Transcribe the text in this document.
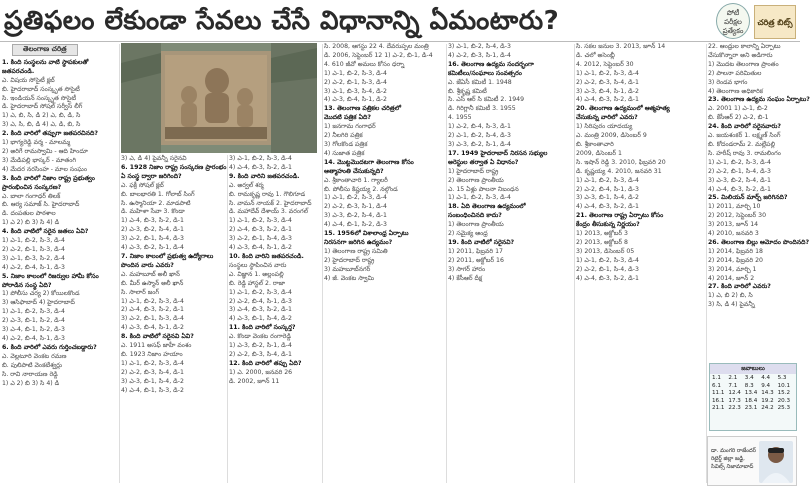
ప్రతిఫలం లేకుండా సేవలు చేసే విధానాన్ని ఏమంటారు?	పోటీ
పరీక్షల
ప్రత్యేకం
చరిత్ర బిట్స్
తెలంగాణ చరిత్ర

1. కింది సంస్థలను వాటి స్థాపకులతో

జతపరచండి.

ఎ. విషయ సోసైటీ క్లబ్

బి. హైదరాబాద్ సంస్కృత సొసైటీ

సి. ఇండియన్ సంస్కృత సొసైటీ

డి. హైదరాబాద్ సోషల్ సర్వీస్ లీగ్

1) ఎ, బి, సి, డి 2) ఎ, బి, డి, సి

3) ఎ, సి, బి, డి 4) ఎ, డి, బి, సి

2. కింది వారిలో తప్పుగా జతపరచినది?

1) భాగ్యరెడ్డి వర్మ - మాలమ్మ

2) అరిగే రామస్వామి - ఆది హిందూ

3) మేడిపల్లి భాస్కర్ - మాతంగి

4) మేదర నరసింహ - మాల సంఘం

3. కింది వారిలో నిజాం రాష్ట్ర ప్రభుత్వం

ప్రారంభించిన సంస్కరణ?

ఎ. బాలా గంగాధర్ తిలక్

బి. ఆర్య సమాజ్ సి. హైదరాబాద్

డి. దంపతుల పాఠశాల

1) ఎ 2) బి 3) సి 4) డి

4. కింది వాటిలో సరైన జతలు ఏవి?

1) ఎ-1, బి-2, సి-3, డి-4

2) ఎ-2, బి-1, సి-3, డి-4

3) ఎ-1, బి-3, సి-2, డి-4

4) ఎ-2, బి-4, సి-1, డి-3

5. నిజాం కాలంలో రిజర్వుల హామీ కోసం

పోరాడిన సంస్థ ఏది?

1) పోలీసు చర్య 2) కోయిలకొండ

3) ఆసిఫాబాద్ 4) హైదరాబాద్

1) ఎ-1, బి-2, సి-3, డి-4

2) ఎ-3, బి-1, సి-2, డి-4

3) ఎ-4, బి-1, సి-2, డి-3

4) ఎ-2, బి-4, సి-1, డి-3

6. కింది వారిలో ఎవరు గుర్తించబడ్డారు?

ఎ. వెల్లటూరి వెంకట రమణ

బి. పులిపాటి వెంకటేశ్వర్లు

సి. రావి నారాయణ రెడ్డి

1) ఎ 2) బి 3) సి 4) డి

3) ఎ, డి 4) పైవన్నీ సరైనవి

6. 1928 నిజాం రాష్ట్ర సంస్కరణ ప్రారంభం

ఏ సంస్థ ద్వారా జరిగింది?

ఎ. ఫక్రీ సోషల్ క్లబ్

బి. బాలభారతి 1. గోలాబ్ సింగ్

సి. ఉస్మానియా 2. మాడపాటి

డి. మహిళా సేవా 3. కొండా

1) ఎ-4, బి-3, సి-2, డి-1

2) ఎ-3, బి-2, సి-4, డి-1

3) ఎ-2, బి-1, సి-4, డి-3

4) ఎ-3, బి-2, సి-1, డి-4

7. నిజాం కాలంలో ప్రభుత్వ ఉద్యోగాలు

పొందిన వారు ఎవరు?

ఎ. మహబూబ్ అలీ ఖాన్

బి. మీర్ ఉస్మాన్ అలీ ఖాన్

సి. సాలార్ జంగ్

1) ఎ-1, బి-2, సి-3, డి-4

2) ఎ-4, బి-3, సి-2, డి-1

3) ఎ-2, బి-1, సి-3, డి-4

4) ఎ-3, బి-4, సి-1, డి-2

8. కింది వాటిలో సరైనవి ఏవి?

ఎ. 1911 అసఫ్ జాహీ వంశం

బి. 1923 నిజాం హయాం

1) ఎ-1, బి-2, సి-3, డి-4

2) ఎ-2, బి-3, సి-4, డి-1

3) ఎ-3, బి-1, సి-4, డి-2

4) ఎ-4, బి-1, సి-3, డి-2

3) ఎ-1, బి-2, సి-3, డి-4

4) ఎ-4, బి-3, సి-2, డి-1

9. కింది వారిని జతపరచండి.

ఎ. అర్వల్ శర్మ

బి. రామకృష్ణ రావు 1. గౌలిగూడ

సి. వామన్ నాయక్ 2. హైదరాబాద్

డి. మహాదేవ్ దేశాయ్ 3. వరంగల్

1) ఎ-1, బి-2, సి-3, డి-4

2) ఎ-4, బి-3, సి-2, డి-1

3) ఎ-2, బి-1, సి-4, డి-3

4) ఎ-3, బి-4, సి-1, డి-2

10. కింది వారిని జతపరచండి.

సంస్థలు స్థాపించిన వారు

ఎ. విజ్ఞాన 1. అల్లంపల్లి

బి. రెడ్డి హాస్టల్ 2. రాజా

1) ఎ-1, బి-2, సి-3, డి-4

2) ఎ-2, బి-4, సి-1, డి-3

3) ఎ-4, బి-3, సి-2, డి-1

4) ఎ-3, బి-1, సి-4, డి-2

11. కింది వారిలో సంస్కర్త?

ఎ. కొండా వెంకట రంగారెడ్డి

1) ఎ-3, బి-2, సి-1, డి-4

2) ఎ-2, బి-3, సి-4, డి-1

12. కింది వారిలో తప్పు ఏది?

1) ఎ. 2000, జనవరి 26

డి. 2002, జూన్ 11

సి. 2008, ఆగస్టు 22 4. దేవరుప్పల మంత్రి

డి. 2006, సెప్టెంబర్ 12 1) ఎ-2, బి-1, డి-4

4. 610 జీవో అమలు కోసం ధర్నా

1) ఎ-1, బి-2, సి-3, డి-4

2) ఎ-2, బి-1, సి-3, డి-4

3) ఎ-1, బి-3, సి-4, డి-2

4) ఎ-3, బి-4, సి-1, డి-2

13. తెలంగాణ పత్రికల చరిత్రలో

మొదటి పత్రిక ఏది?

1) జనగామ గంగాధర్

2) నీలగిరి పత్రిక

3) గోలకొండ పత్రిక

4) సుజాత పత్రిక

14. మొట్టమొదటగా తెలంగాణ కోసం

ఆత్మాహుతి చేసుకున్నది?

ఎ. శ్రీకాంతాచారి 1. గ్యాలరీ

బి. పోలీసు కిష్టయ్య 2. నల్గొండ

1) ఎ-1, బి-2, సి-3, డి-4

2) ఎ-2, బి-3, సి-1, డి-4

3) ఎ-3, బి-2, సి-4, డి-1

4) ఎ-4, బి-1, సి-2, డి-3

15. 1956లో విశాలాంధ్ర ఏర్పాటు

నిరసనగా జరిగిన ఉద్యమం?

1) తెలంగాణ రాష్ట్ర సమితి

2) హైదరాబాద్ రాష్ట్ర

3) మహబూబ్‌నగర్

4) జీ. వెంకట స్వామి

3) ఎ-1, బి-2, సి-4, డి-3

4) ఎ-2, బి-3, సి-1, డి-4

16. తెలంగాణ ఉద్యమ సందర్భంగా

కమిటీలు/సంఘాలు సంవత్సరం

ఎ. జేఏసీ కమిటీ 1. 1948

బి. శ్రీకృష్ణ కమిటీ

సి. ఎస్ ఆర్ సి కమిటీ 2. 1949

డి. గిరిగ్లానీ కమిటీ 3. 1955

4. 1955

1) ఎ-2, బి-4, సి-3, డి-1

2) ఎ-1, బి-2, సి-4, డి-3

3) ఎ-3, బి-2, సి-1, డి-4

17. 1949 హైదరాబాద్ నిరసన సభ్యుల

అరెస్టుల తర్వాత ఏ విధానం?

1) హైదరాబాద్ రాష్ట్ర

2) తెలంగాణ ప్రాంతీయ

ఎ. 15 ఏళ్లు పాలనా నిబంధన

1) ఎ-1, బి-2, సి-3, డి-4

18. ఏది తెలంగాణ ఉద్యమంలో

సంబంధించినది కాదు?

1) తెలంగాణ ప్రాంతీయ

2) సమైక్య ఆంధ్ర

19. కింది వాటిలో సరైనవి?

1) 2011, ఫిబ్రవరి 17

2) 2011, అక్టోబర్ 16

3) సాగర్ హారం

4) కేసీఆర్ దీక్ష

సి. సకల జనుల 3. 2013, జూన్ 14

డి. చలో అసెంబ్లీ

4. 2012, సెప్టెంబర్ 30

1) ఎ-1, బి-2, సి-3, డి-4

2) ఎ-2, బి-3, సి-4, డి-1

3) ఎ-3, బి-4, సి-1, డి-2

4) ఎ-4, బి-3, సి-2, డి-1

20. తెలంగాణ ఉద్యమంలో ఆత్మహత్య

చేసుకున్న వారిలో ఎవరు?

1) సిరిపురం యాదయ్య

ఎ. మంత్రి 2009, డిసెంబర్ 9

బి. శ్రీకాంతాచారి

2009, డిసెంబర్ 1

సి. ఇషాన్ రెడ్డి 3. 2010, ఫిబ్రవరి 20

డి. కృష్ణయ్య 4. 2010, జనవరి 31

1) ఎ-1, బి-2, సి-3, డి-4

2) ఎ-2, బి-4, సి-1, డి-3

3) ఎ-3, బి-1, సి-4, డి-2

4) ఎ-4, బి-3, సి-2, డి-1

21. తెలంగాణ రాష్ట్ర ఏర్పాటు కోసం

కేంద్రం తీసుకున్న నిర్ణయం?

1) 2013, అక్టోబర్ 3

2) 2013, అక్టోబర్ 8

3) 2013, డిసెంబర్ 05

1) ఎ-1, బి-2, సి-3, డి-4

2) ఎ-2, బి-1, సి-4, డి-3

4) ఎ-4, బి-3, సి-2, డి-1

22. ఆంధ్రుల కాలాన్ని ఏర్పాటు

చేసుకొన్నారా అని అడిగారు

1) మొదట తెలంగాణ ప్రాంతం

2) పాలనా పరిమితుల

3) రెండవ భాగం

4) తెలంగాణ అధికారిక

23. తెలంగాణ ఉద్యమ సంఘం ఏర్పాటు?

ఎ. 2001 1) ఎ-1, బి-2

బి. కేసీఆర్ 2) ఎ-2, బి-1

24. కింది వారిలో సరైనవారు?

ఎ. జయశంకర్ 1. లక్ష్మణ్ సింగ్

బి. కోదండరామ్ 2. మల్లేపల్లి

సి. హరీష్ రావు 3. రామలింగం

1) ఎ-1, బి-2, సి-3, డి-4

2) ఎ-2, బి-1, సి-4, డి-3

3) ఎ-3, బి-2, సి-4, డి-1

4) ఎ-4, బి-3, సి-2, డి-1

25. మిలియన్ మార్చ్ జరిగినది?

1) 2011, మార్చి 10

2) 2012, సెప్టెంబర్ 30

3) 2013, జూన్ 14

4) 2010, జనవరి 3

26. తెలంగాణ బిల్లు ఆమోదం పొందినది?

1) 2014, ఫిబ్రవరి 18

2) 2014, ఫిబ్రవరి 20

3) 2014, మార్చి 1

4) 2014, జూన్ 2

27. కింది వారిలో ఎవరు?

1) ఎ, బి 2) బి, సి

3) సి, డి 4) పైవన్నీ

జవాబులు
1.1	2.1	3.4	4.4	5.3
6.1	7.1	8.3	9.4	10.1
11.1 12.4 13.4 14.3 15.2
16.1 17.3 18.4 19.2 20.3
21.1 22.3 23.1 24.2 25.3
డా. మంగరి రాజేందర్
రిటైర్డ్ జిల్లా జడ్జి,
సివిల్స్ నిజామాబాద్
